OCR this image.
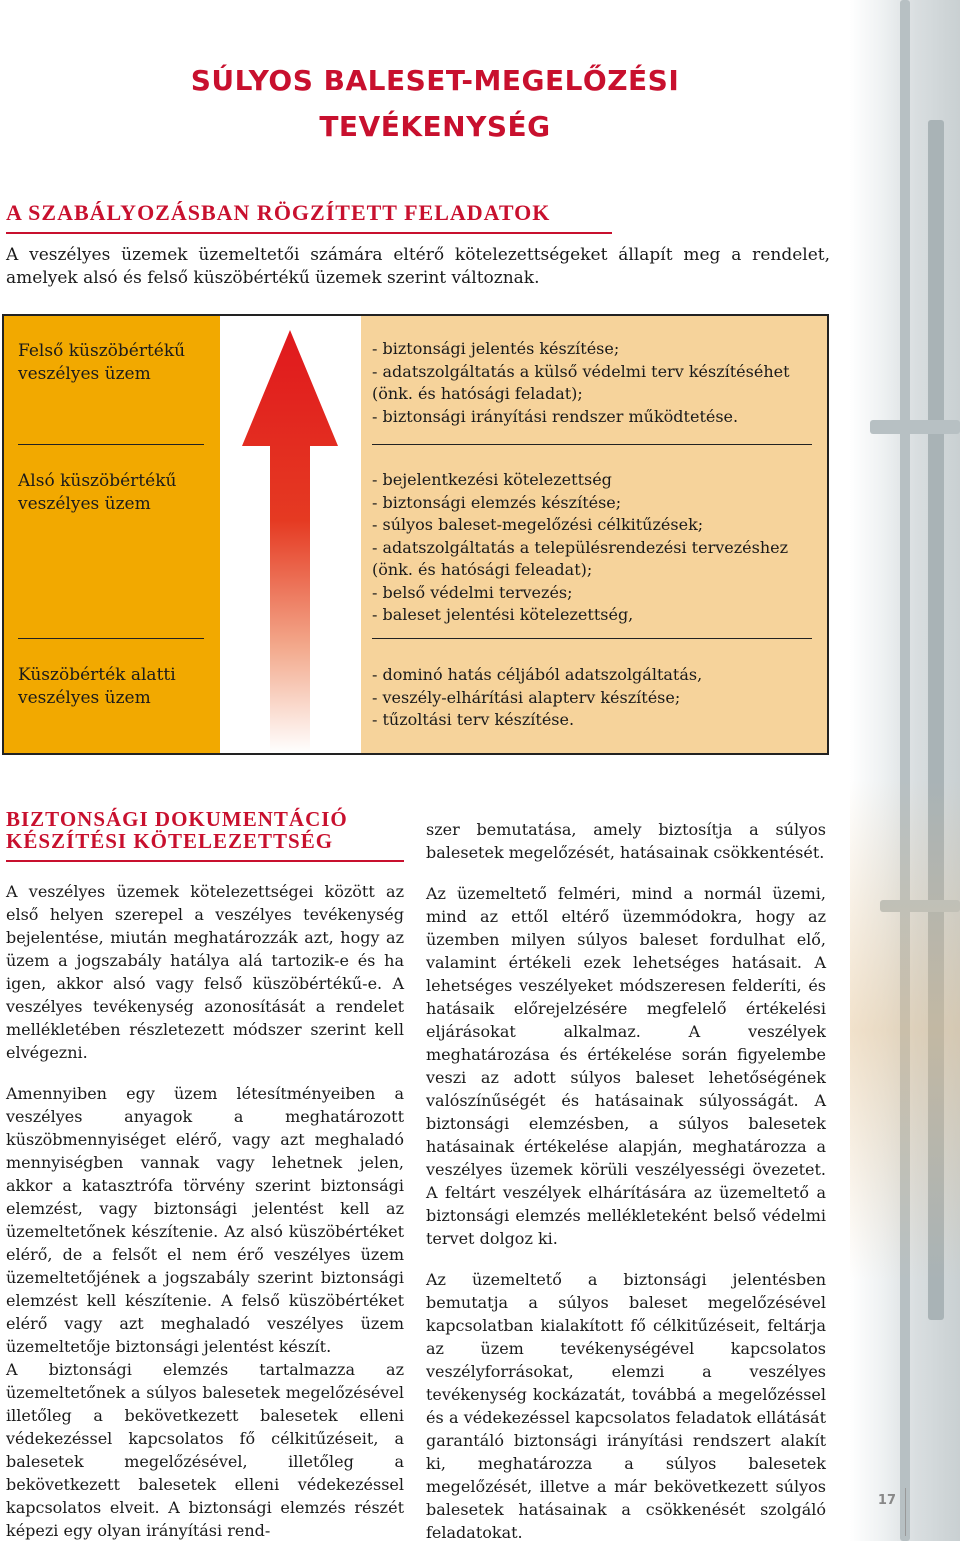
SÚLYOS BALESET-MEGELŐZÉSI
TEVÉKENYSÉG
A SZABÁLYOZÁSBAN RÖGZÍTETT FELADATOK
A veszélyes üzemek üzemeltetői számára eltérő kötelezettségeket állapít meg a rendelet, amelyek alsó és felső küszöbértékű üzemek szerint változnak.
Felső küszöbértékű veszélyes üzem
- biztonsági jelentés készítése;
- adatszolgáltatás a külső védelmi terv készítéséhet (önk. és hatósági feladat);
- biztonsági irányítási rendszer működtetése.
Alsó küszöbértékű veszélyes üzem
- bejelentkezési kötelezettség
- biztonsági elemzés készítése;
- súlyos baleset-megelőzési célkitűzések;
- adatszolgáltatás a településrendezési tervezéshez (önk. és hatósági feleadat);
- belső védelmi tervezés;
- baleset jelentési kötelezettség,
Küszöbérték alatti veszélyes üzem
- dominó hatás céljából adatszolgáltatás,
- veszély-elhárítási alapterv készítése;
- tűzoltási terv készítése.
BIZTONSÁGI DOKUMENTÁCIÓ KÉSZÍTÉSI KÖTELEZETTSÉG

A veszélyes üzemek kötelezettségei között az első helyen szerepel a veszélyes tevékenység bejelentése, miután meghatározzák azt, hogy az üzem a jogszabály hatálya alá tartozik-e és ha igen, akkor alsó vagy felső küszöbértékű-e. A veszélyes tevékenység azonosítását a rendelet mellékletében részletezett módszer szerint kell elvégezni.

Amennyiben egy üzem létesítményeiben a veszélyes anyagok a meghatározott küszöbmennyiséget elérő, vagy azt meghaladó mennyiségben vannak vagy lehetnek jelen, akkor a katasztrófa törvény szerint biztonsági elemzést, vagy biztonsági jelentést kell az üzemeltetőnek készítenie. Az alsó küszöbértéket elérő, de a felsőt el nem érő veszélyes üzem üzemeltetőjének a jogszabály szerint biztonsági elemzést kell készítenie. A felső küszöbértéket elérő vagy azt meghaladó veszélyes üzem üzemeltetője biztonsági jelentést készít.

A biztonsági elemzés tartalmazza az üzemeltetőnek a súlyos balesetek megelőzésével illetőleg a bekövetkezett balesetek elleni védekezéssel kapcsolatos fő célkitűzéseit, a balesetek megelőzésével, illetőleg a bekövetkezett balesetek elleni védekezéssel kapcsolatos elveit. A biztonsági elemzés részét képezi egy olyan irányítási rend-

szer bemutatása, amely biztosítja a súlyos balesetek megelőzését, hatásainak csökkentését.

Az üzemeltető felméri, mind a normál üzemi, mind az ettől eltérő üzemmódokra, hogy az üzemben milyen súlyos baleset fordulhat elő, valamint értékeli ezek lehetséges hatásait. A lehetséges veszélyeket módszeresen felderíti, és hatásaik előrejelzésére megfelelő értékelési eljárásokat alkalmaz. A veszélyek meghatározása és értékelése során figyelembe veszi az adott súlyos baleset lehetőségének valószínűségét és hatásainak súlyosságát. A biztonsági elemzésben, a súlyos balesetek hatásainak értékelése alapján, meghatározza a veszélyes üzemek körüli veszélyességi övezetet. A feltárt veszélyek elhárítására az üzemeltető a biztonsági elemzés mellékleteként belső védelmi tervet dolgoz ki.

Az üzemeltető a biztonsági jelentésben bemutatja a súlyos baleset megelőzésével kapcsolatban kialakított fő célkitűzéseit, feltárja az üzem tevékenységével kapcsolatos veszélyforrásokat, elemzi a veszélyes tevékenység kockázatát, továbbá a megelőzéssel és a védekezéssel kapcsolatos feladatok ellátását garantáló biztonsági irányítási rendszert alakít ki, meghatározza a súlyos balesetek megelőzését, illetve a már bekövetkezett súlyos balesetek hatásainak a csökkenését szolgáló feladatokat.

17
